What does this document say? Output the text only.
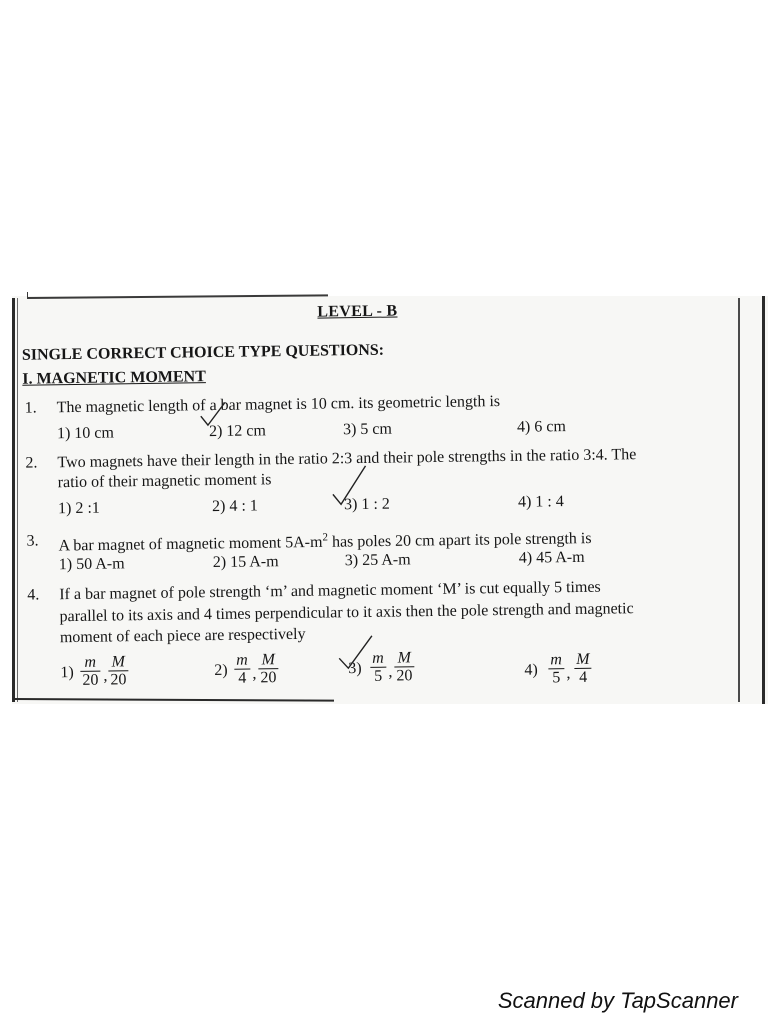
LEVEL - B
SINGLE CORRECT CHOICE TYPE QUESTIONS:
I. MAGNETIC MOMENT
1. The magnetic length of a bar magnet is 10 cm. its geometric length is
1) 10 cm	2) 12 cm	3) 5 cm	4) 6 cm
2. Two magnets have their length in the ratio 2:3 and their pole strengths in the ratio 3:4. The
ratio of their magnetic moment is
1) 2 :1	2) 4 : 1	3) 1 : 2	4) 1 : 4
3. A bar magnet of magnetic moment $5A-m^2$ has poles 20 cm apart its pole strength is
1) 50 A-m	2) 15 A-m	3) 25 A-m	4) 45 A-m
4. If a bar magnet of pole strength ‘m’ and magnetic moment ‘M’ is cut equally 5 times
parallel to its axis and 4 times perpendicular to it axis then the pole strength and magnetic
moment of each piece are respectively
1)
m
20 ,
M
20
2)
m
4 ,
M
20
3)
m
5 ,
M
20	4)
m
5 ,
M
4
Scanned by TapScanner
